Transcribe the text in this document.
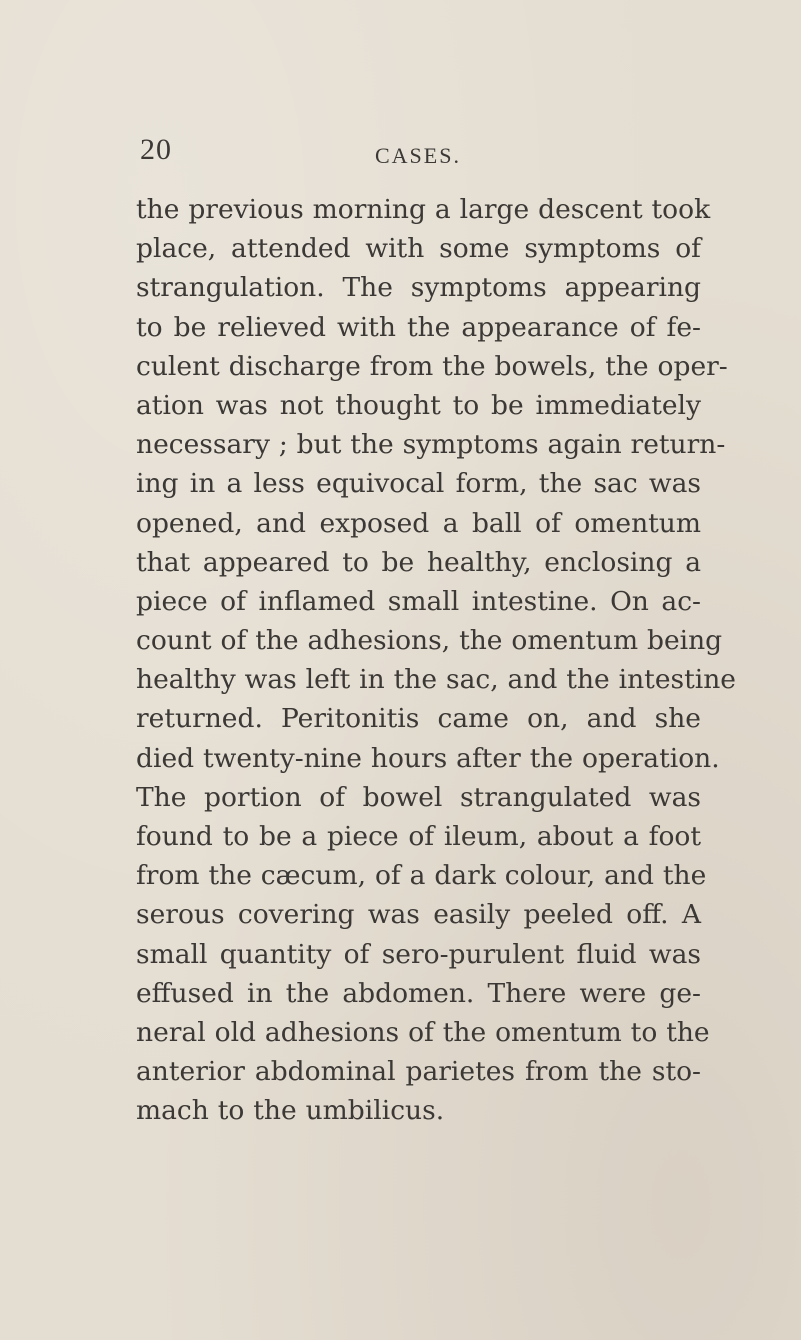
20	CASES.
the previous morning a large descent took
place, attended with some symptoms of
strangulation. The symptoms appearing
to be relieved with the appearance of fe-
culent discharge from the bowels, the oper-
ation was not thought to be immediately
necessary ; but the symptoms again return-
ing in a less equivocal form, the sac was
opened, and exposed a ball of omentum
that appeared to be healthy, enclosing a
piece of inflamed small intestine. On ac-
count of the adhesions, the omentum being
healthy was left in the sac, and the intestine
returned. Peritonitis came on, and she
died twenty-nine hours after the operation.
The portion of bowel strangulated was
found to be a piece of ileum, about a foot
from the cæcum, of a dark colour, and the
serous covering was easily peeled off. A
small quantity of sero-purulent fluid was
effused in the abdomen. There were ge-
neral old adhesions of the omentum to the
anterior abdominal parietes from the sto-
mach to the umbilicus.
